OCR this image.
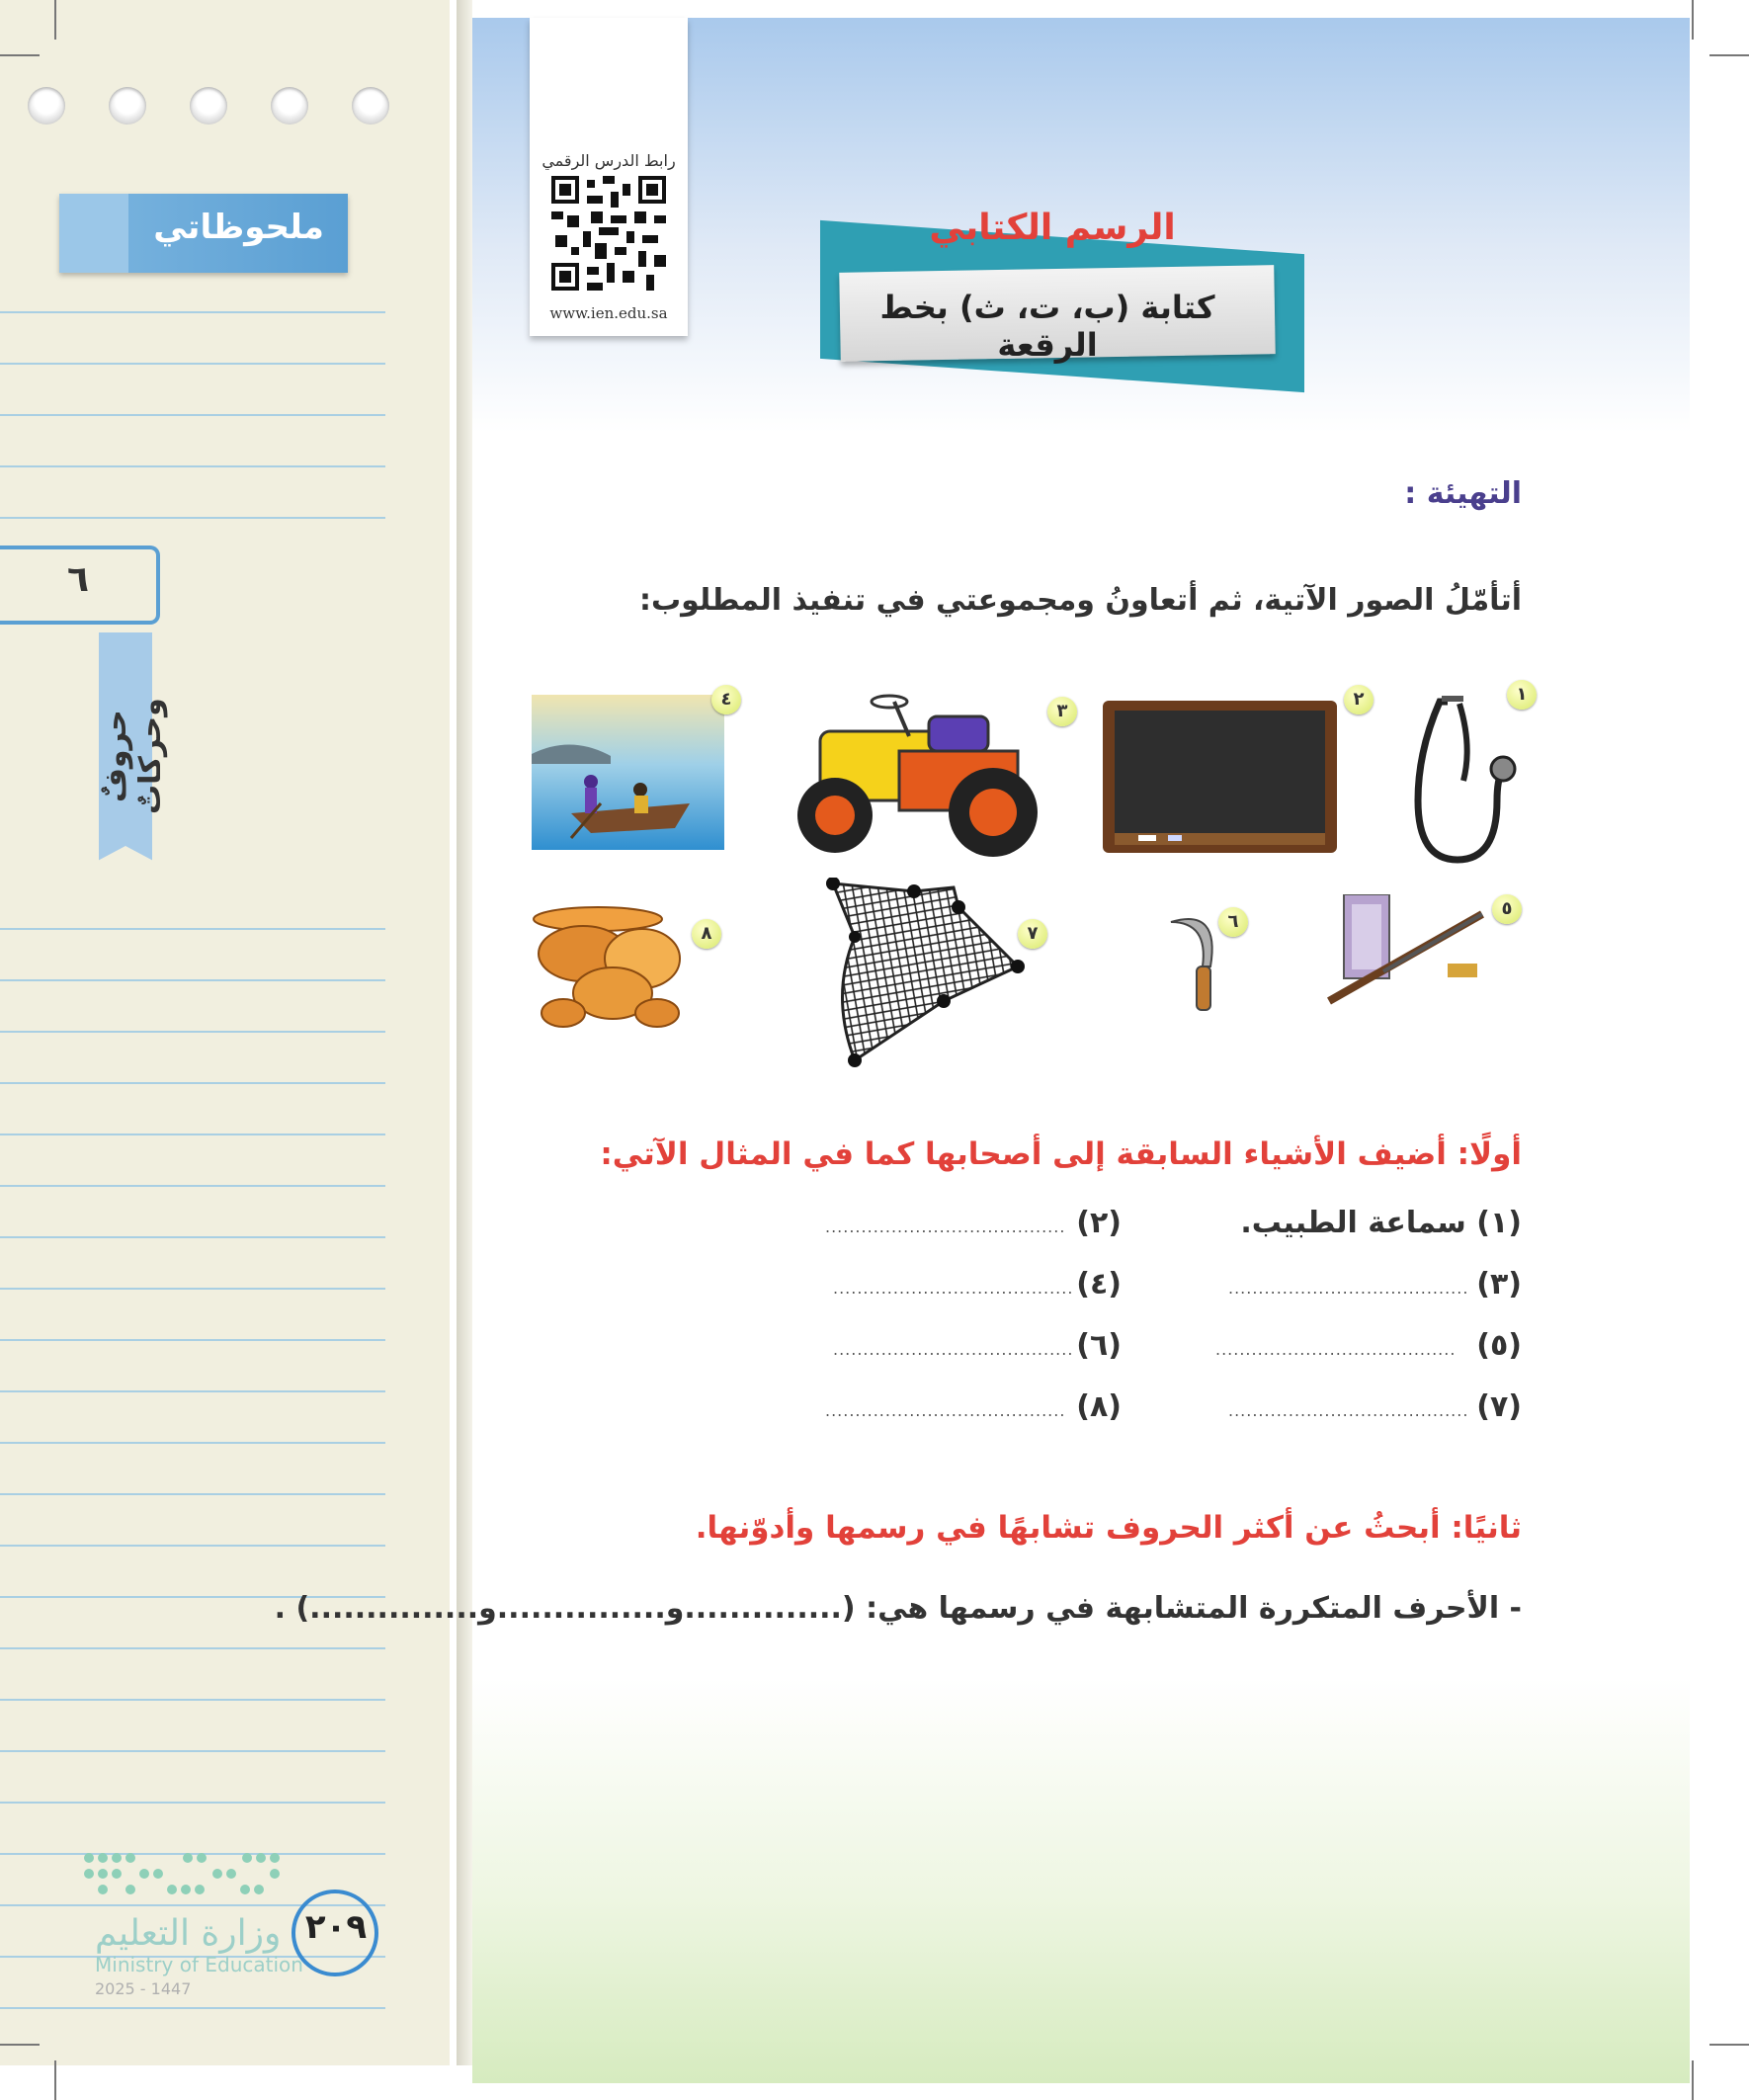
ملحوظاتي
٦
حروفٌ وحركاتٌ
وزارة التعليم
Ministry of Education
2025 - 1447
٢٠٩
رابط الدرس الرقمي
www.ien.edu.sa
الرسم الكتابي
كتابة (ب، ت، ث) بخط الرقعة
التهيئة :
أتأمّلُ الصور الآتية، ثم أتعاونُ ومجموعتي في تنفيذ المطلوب:
١
٢
٣
٤
٥
٦
٧
٨
أولًا: أضيف الأشياء السابقة إلى أصحابها كما في المثال الآتي:
(١) سماعة الطبيب.
(٢)
........................................
(٣)
........................................
(٤)
........................................
(٥)
........................................
(٦)
........................................
(٧)
........................................
(٨)
........................................
ثانيًا: أبحثُ عن أكثر الحروف تشابهًا في رسمها وأدوّنها.
- الأحرف المتكررة المتشابهة في رسمها هي: (..............و...............و...............) .
